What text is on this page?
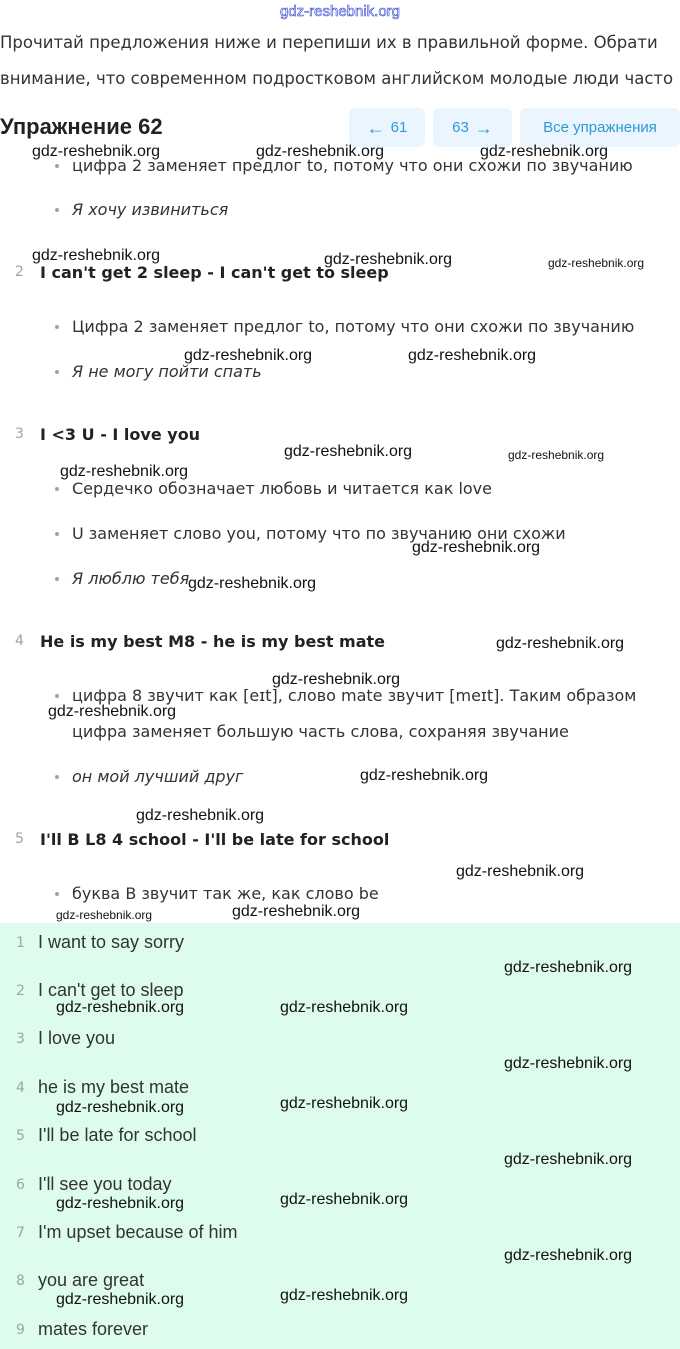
gdz-reshebnik.org
Прочитай предложения ниже и перепиши их в правильной форме. Обрати
внимание, что современном подростковом английском молодые люди часто
Упражнение 62	← 61	63 →	Все упражнения
цифра 2 заменяет предлог to, потому что они схожи по звучанию
Я хочу извиниться
2 I can't get 2 sleep - I can't get to sleep
Цифра 2 заменяет предлог to, потому что они схожи по звучанию
Я не могу пойти спать
3 I <3 U - I love you
Сердечко обозначает любовь и читается как love
U заменяет слово you, потому что по звучанию они схожи
Я люблю тебя
4 He is my best M8 - he is my best mate
цифра 8 звучит как [eɪt], слово mate звучит [meɪt]. Таким образом
цифра заменяет большую часть слова, сохраняя звучание
он мой лучший друг
5 I'll B L8 4 school - I'll be late for school
буква B звучит так же, как слово be
1 I want to say sorry
2 I can't get to sleep
3 I love you
4 he is my best mate
5 I'll be late for school
6 I'll see you today
7 I'm upset because of him
8 you are great
9 mates forever
gdz-reshebnik.org	gdz-reshebnik.org	gdz-reshebnik.org
gdz-reshebnik.org	gdz-reshebnik.org	gdz-reshebnik.org
gdz-reshebnik.org	gdz-reshebnik.org
gdz-reshebnik.org	gdz-reshebnik.org
gdz-reshebnik.org
gdz-reshebnik.org
gdz-reshebnik.org
gdz-reshebnik.org
gdz-reshebnik.org
gdz-reshebnik.org
gdz-reshebnik.org
gdz-reshebnik.org
gdz-reshebnik.org
gdz-reshebnik.org	gdz-reshebnik.org
gdz-reshebnik.org
gdz-reshebnik.org	gdz-reshebnik.org
gdz-reshebnik.org
gdz-reshebnik.org	gdz-reshebnik.org
gdz-reshebnik.org
gdz-reshebnik.org	gdz-reshebnik.org
gdz-reshebnik.org
gdz-reshebnik.org	gdz-reshebnik.org
